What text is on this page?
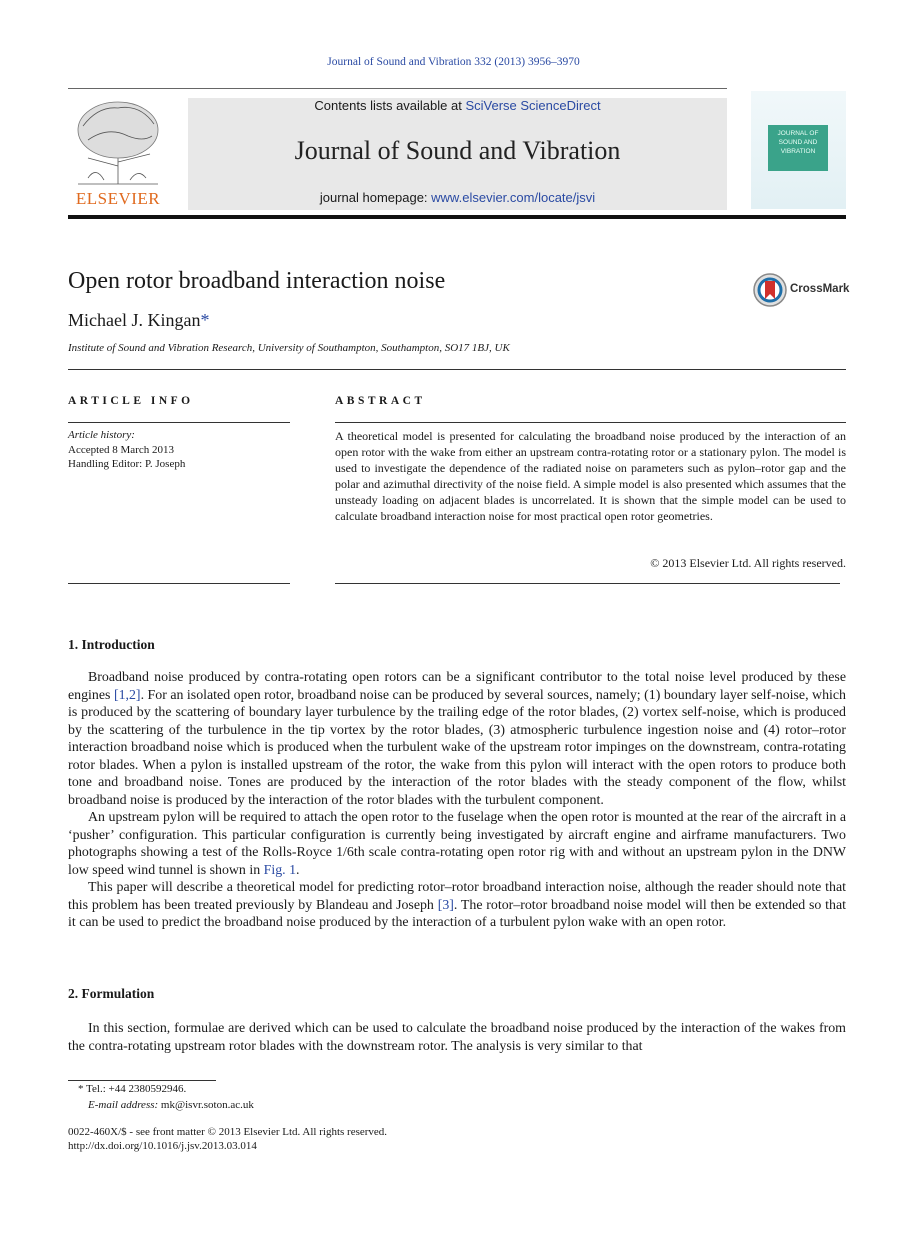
Journal of Sound and Vibration 332 (2013) 3956–3970
ELSEVIER
Contents lists available at SciVerse ScienceDirect
Journal of Sound and Vibration
journal homepage: www.elsevier.com/locate/jsvi
JOURNAL OF
SOUND AND
VIBRATION
Open rotor broadband interaction noise	CrossMark
Michael J. Kingan*
Institute of Sound and Vibration Research, University of Southampton, Southampton, SO17 1BJ, UK
ARTICLE INFO	ABSTRACT
Article history:
Accepted 8 March 2013
Handling Editor: P. Joseph
A theoretical model is presented for calculating the broadband noise produced by the interaction of an open rotor with the wake from either an upstream contra-rotating rotor or a stationary pylon. The model is used to investigate the dependence of the radiated noise on parameters such as pylon–rotor gap and the polar and azimuthal directivity of the noise field. A simple model is also presented which assumes that the unsteady loading on adjacent blades is uncorrelated. It is shown that the simple model can be used to calculate broadband interaction noise for most practical open rotor geometries.
© 2013 Elsevier Ltd. All rights reserved.
1. Introduction

Broadband noise produced by contra-rotating open rotors can be a significant contributor to the total noise level produced by these engines [1,2]. For an isolated open rotor, broadband noise can be produced by several sources, namely; (1) boundary layer self-noise, which is produced by the scattering of boundary layer turbulence by the trailing edge of the rotor blades, (2) vortex self-noise, which is produced by the scattering of the turbulence in the tip vortex by the rotor blades, (3) atmospheric turbulence ingestion noise and (4) rotor–rotor interaction broadband noise which is produced when the turbulent wake of the upstream rotor impinges on the downstream, contra-rotating rotor blades. When a pylon is installed upstream of the rotor, the wake from this pylon will interact with the open rotors to produce both tone and broadband noise. Tones are produced by the interaction of the rotor blades with the steady component of the flow, whilst broadband noise is produced by the interaction of the rotor blades with the turbulent component.

An upstream pylon will be required to attach the open rotor to the fuselage when the open rotor is mounted at the rear of the aircraft in a ‘pusher’ configuration. This particular configuration is currently being investigated by aircraft engine and airframe manufacturers. Two photographs showing a test of the Rolls-Royce 1/6th scale contra-rotating open rotor rig with and without an upstream pylon in the DNW low speed wind tunnel is shown in Fig. 1.

This paper will describe a theoretical model for predicting rotor–rotor broadband interaction noise, although the reader should note that this problem has been treated previously by Blandeau and Joseph [3]. The rotor–rotor broadband noise model will then be extended so that it can be used to predict the broadband noise produced by the interaction of a turbulent pylon wake with an open rotor.

2. Formulation

In this section, formulae are derived which can be used to calculate the broadband noise produced by the interaction of the wakes from the contra-rotating upstream rotor blades with the downstream rotor. The analysis is very similar to that

* Tel.: +44 2380592946.
E-mail address: mk@isvr.soton.ac.uk
0022-460X/$ - see front matter © 2013 Elsevier Ltd. All rights reserved.
http://dx.doi.org/10.1016/j.jsv.2013.03.014
